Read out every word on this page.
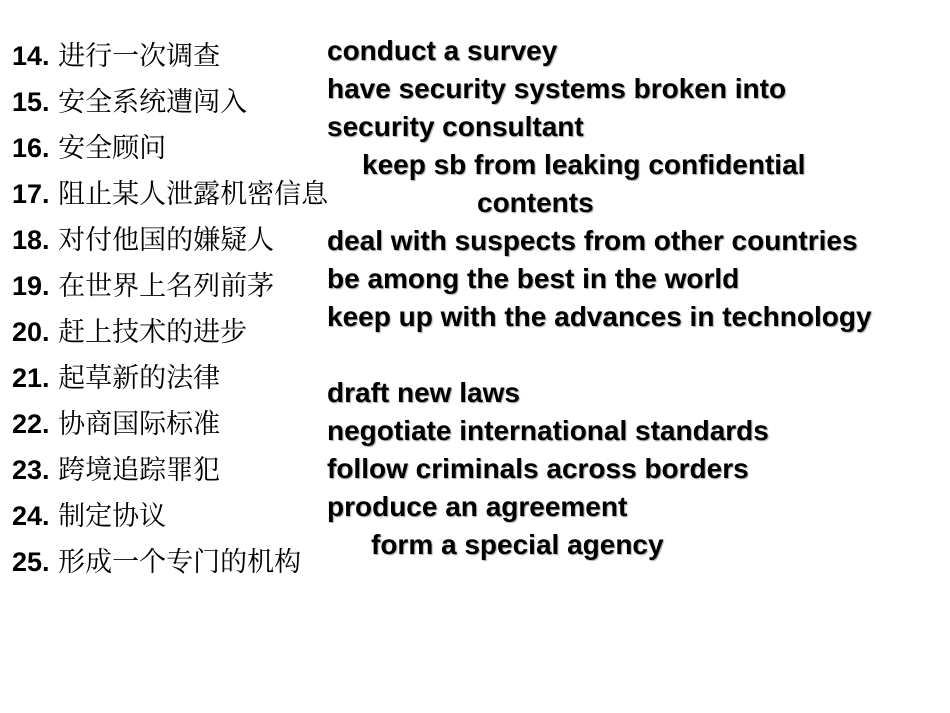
14. 进行一次调查
15. 安全系统遭闯入
16. 安全顾问
17. 阻止某人泄露机密信息
18. 对付他国的嫌疑人
19. 在世界上名列前茅
20. 赶上技术的进步
21. 起草新的法律
22. 协商国际标准
23. 跨境追踪罪犯
24. 制定协议
25. 形成一个专门的机构
conduct a survey
have security systems broken into
security consultant
keep sb from leaking confidential
contents
deal with suspects from other countries
be among the best in the world
keep up with the advances in technology
draft new laws
negotiate international standards
follow criminals across borders
produce an agreement
form a special agency
